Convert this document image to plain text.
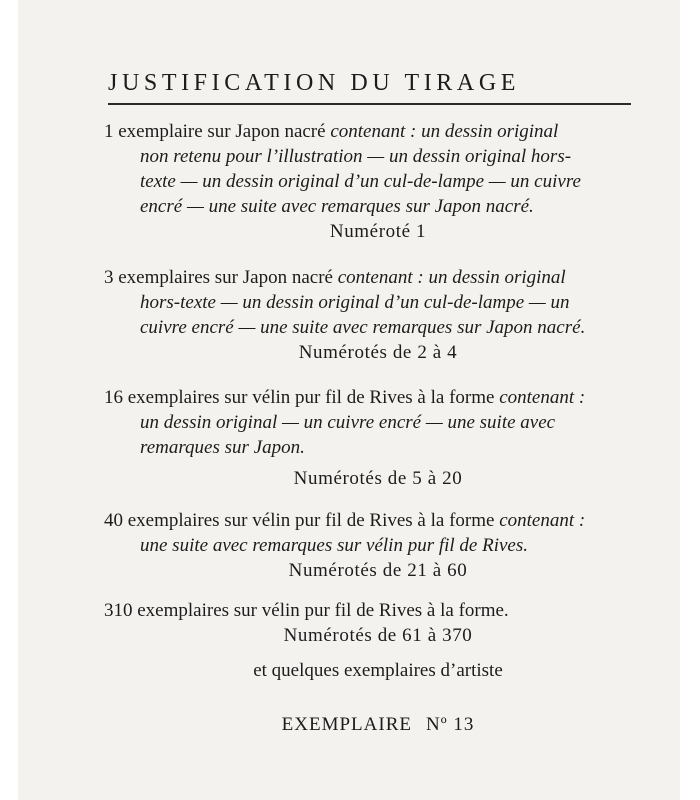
JUSTIFICATION DU TIRAGE
1 exemplaire sur Japon nacré contenant : un dessin original
non retenu pour l’illustration — un dessin original hors-
texte — un dessin original d’un cul-de-lampe — un cuivre
encré — une suite avec remarques sur Japon nacré.
Numéroté 1
3 exemplaires sur Japon nacré contenant : un dessin original
hors-texte — un dessin original d’un cul-de-lampe — un
cuivre encré — une suite avec remarques sur Japon nacré.
Numérotés de 2 à 4
16 exemplaires sur vélin pur fil de Rives à la forme contenant :
un dessin original — un cuivre encré — une suite avec
remarques sur Japon.
Numérotés de 5 à 20
40 exemplaires sur vélin pur fil de Rives à la forme contenant :
une suite avec remarques sur vélin pur fil de Rives.
Numérotés de 21 à 60
310 exemplaires sur vélin pur fil de Rives à la forme.
Numérotés de 61 à 370
et quelques exemplaires d’artiste
EXEMPLAIRE Nº 13
